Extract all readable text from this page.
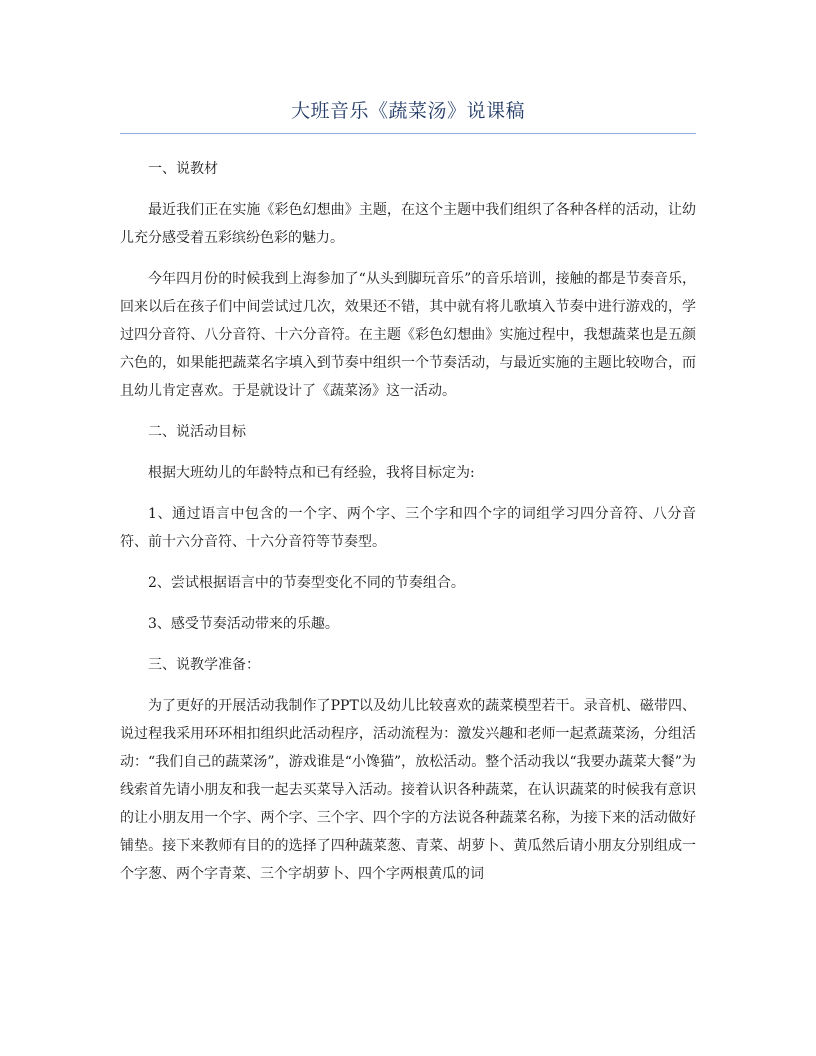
大班音乐《蔬菜汤》说课稿

一、说教材

最近我们正在实施《彩色幻想曲》主题，在这个主题中我们组织了各种各样的活动，让幼儿充分感受着五彩缤纷色彩的魅力。

今年四月份的时候我到上海参加了“从头到脚玩音乐”的音乐培训，接触的都是节奏音乐，回来以后在孩子们中间尝试过几次，效果还不错，其中就有将儿歌填入节奏中进行游戏的，学过四分音符、八分音符、十六分音符。在主题《彩色幻想曲》实施过程中，我想蔬菜也是五颜六色的，如果能把蔬菜名字填入到节奏中组织一个节奏活动，与最近实施的主题比较吻合，而且幼儿肯定喜欢。于是就设计了《蔬菜汤》这一活动。

二、说活动目标

根据大班幼儿的年龄特点和已有经验，我将目标定为:

1、通过语言中包含的一个字、两个字、三个字和四个字的词组学习四分音符、八分音符、前十六分音符、十六分音符等节奏型。

2、尝试根据语言中的节奏型变化不同的节奏组合。

3、感受节奏活动带来的乐趣。

三、说教学准备：

为了更好的开展活动我制作了PPT以及幼儿比较喜欢的蔬菜模型若干。录音机、磁带四、说过程我采用环环相扣组织此活动程序，活动流程为：激发兴趣和老师一起煮蔬菜汤，分组活动：“我们自己的蔬菜汤”，游戏谁是“小馋猫”，放松活动。整个活动我以“我要办蔬菜大餐”为线索首先请小朋友和我一起去买菜导入活动。接着认识各种蔬菜，在认识蔬菜的时候我有意识的让小朋友用一个字、两个字、三个字、四个字的方法说各种蔬菜名称，为接下来的活动做好铺垫。接下来教师有目的的选择了四种蔬菜葱、青菜、胡萝卜、黄瓜然后请小朋友分别组成一个字葱、两个字青菜、三个字胡萝卜、四个字两根黄瓜的词
